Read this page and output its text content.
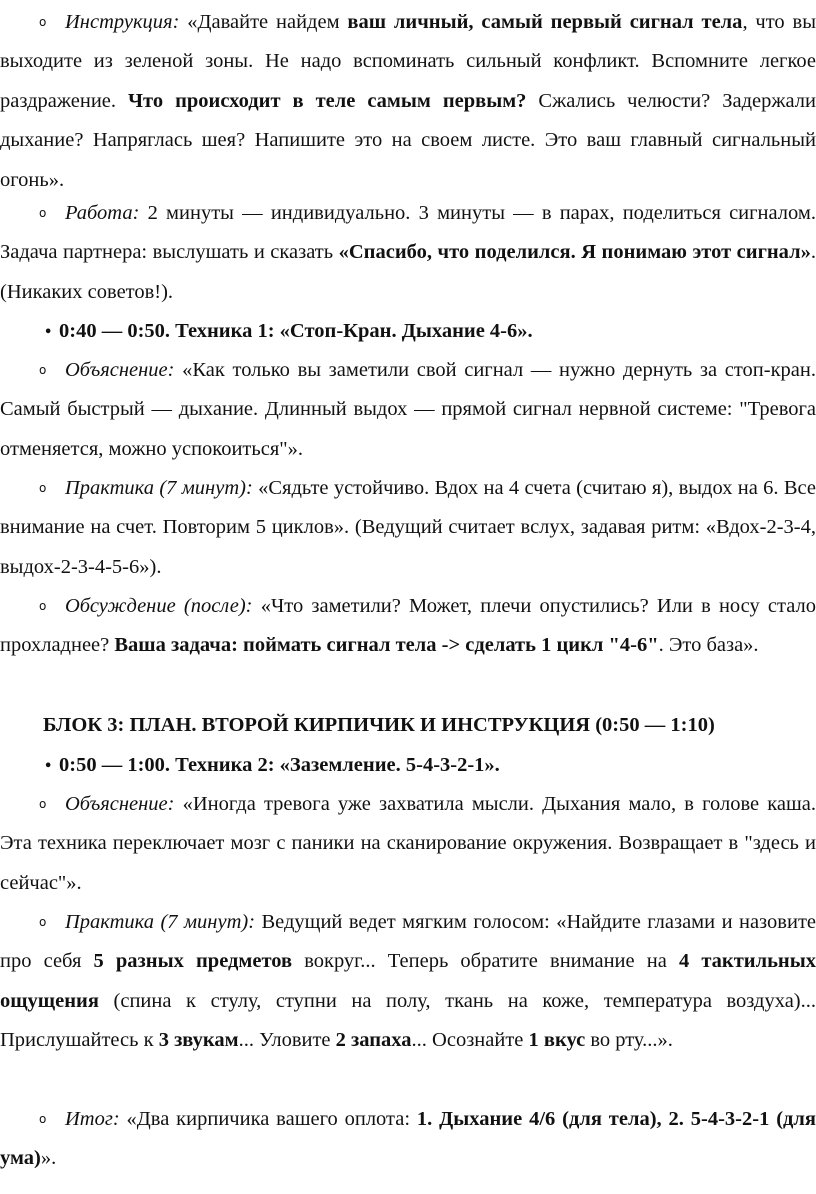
o Инструкция: «Давайте найдем ваш личный, самый первый сигнал тела, что вы выходите из зеленой зоны. Не надо вспоминать сильный конфликт. Вспомните легкое раздражение. Что происходит в теле самым первым? Сжались челюсти? Задержали дыхание? Напряглась шея? Напишите это на своем листе. Это ваш главный сигнальный огонь».

o Работа: 2 минуты — индивидуально. 3 минуты — в парах, поделиться сигналом. Задача партнера: выслушать и сказать «Спасибо, что поделился. Я понимаю этот сигнал». (Никаких советов!).

• 0:40 — 0:50. Техника 1: «Стоп-Кран. Дыхание 4-6».

o Объяснение: «Как только вы заметили свой сигнал — нужно дернуть за стоп-кран. Самый быстрый — дыхание. Длинный выдох — прямой сигнал нервной системе: "Тревога отменяется, можно успокоиться"».

o Практика (7 минут): «Сядьте устойчиво. Вдох на 4 счета (считаю я), выдох на 6. Все внимание на счет. Повторим 5 циклов». (Ведущий считает вслух, задавая ритм: «Вдох-2-3-4, выдох-2-3-4-5-6»).

o Обсуждение (после): «Что заметили? Может, плечи опустились? Или в носу стало прохладнее? Ваша задача: поймать сигнал тела -> сделать 1 цикл "4-6". Это база».

БЛОК 3: ПЛАН. ВТОРОЙ КИРПИЧИК И ИНСТРУКЦИЯ (0:50 — 1:10)
• 0:50 — 1:00. Техника 2: «Заземление. 5-4-3-2-1».

o Объяснение: «Иногда тревога уже захватила мысли. Дыхания мало, в голове каша. Эта техника переключает мозг с паники на сканирование окружения. Возвращает в "здесь и сейчас"».

o Практика (7 минут): Ведущий ведет мягким голосом: «Найдите глазами и назовите про себя 5 разных предметов вокруг... Теперь обратите внимание на 4 тактильных ощущения (спина к стулу, ступни на полу, ткань на коже, температура воздуха)... Прислушайтесь к 3 звукам... Уловите 2 запаха... Осознайте 1 вкус во рту...».

o Итог: «Два кирпичика вашего оплота: 1. Дыхание 4/6 (для тела), 2. 5-4-3-2-1 (для ума)».
